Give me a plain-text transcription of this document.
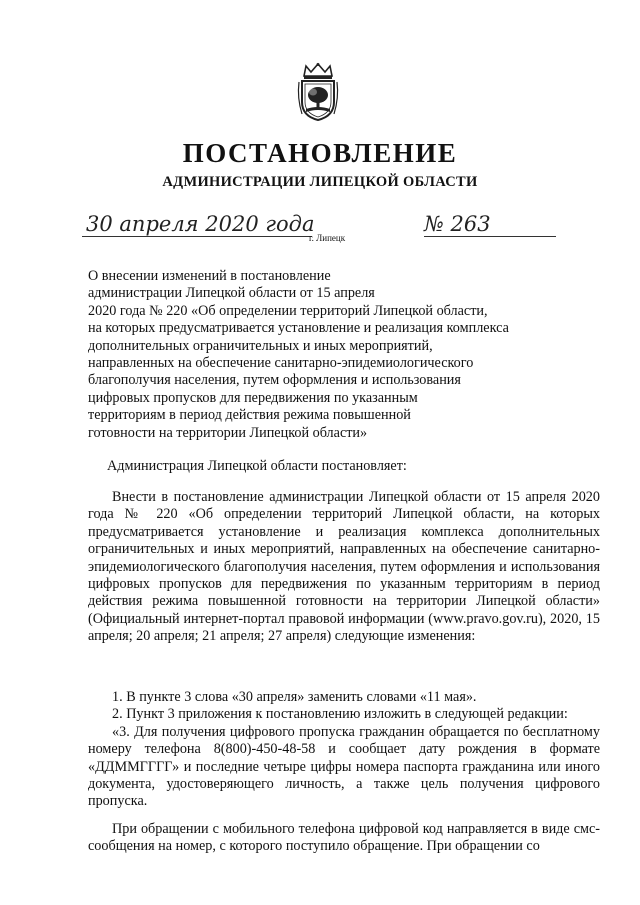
ПОСТАНОВЛЕНИЕ
АДМИНИСТРАЦИИ ЛИПЕЦКОЙ ОБЛАСТИ
30 апреля 2020 года
г. Липецк
№ 263
О внесении изменений в постановление
администрации Липецкой области от 15 апреля
2020 года № 220 «Об определении территорий Липецкой области,
на которых предусматривается установление и реализация комплекса
дополнительных ограничительных и иных мероприятий,
направленных на обеспечение санитарно-эпидемиологического
благополучия населения, путем оформления и использования
цифровых пропусков для передвижения по указанным
территориям в период действия режима повышенной
готовности на территории Липецкой области»
Администрация Липецкой области постановляет:

Внести в постановление администрации Липецкой области от 15 апреля 2020 года № 220 «Об определении территорий Липецкой области, на которых предусматривается установление и реализация комплекса дополнительных ограничительных и иных мероприятий, направленных на обеспечение санитарно-эпидемиологического благополучия населения, путем оформления и использования цифровых пропусков для передвижения по указанным территориям в период действия режима повышенной готовности на территории Липецкой области» (Официальный интернет-портал правовой информации (www.pravo.gov.ru), 2020, 15 апреля; 20 апреля; 21 апреля; 27 апреля) следующие изменения:

1. В пункте 3 слова «30 апреля» заменить словами «11 мая».

2. Пункт 3 приложения к постановлению изложить в следующей редакции:

«3. Для получения цифрового пропуска гражданин обращается по бесплатному номеру телефона 8(800)-450-48-58 и сообщает дату рождения в формате «ДДММГГГГ» и последние четыре цифры номера паспорта гражданина или иного документа, удостоверяющего личность, а также цель получения цифрового пропуска.

При обращении с мобильного телефона цифровой код направляется в виде смс-сообщения на номер, с которого поступило обращение. При обращении со
